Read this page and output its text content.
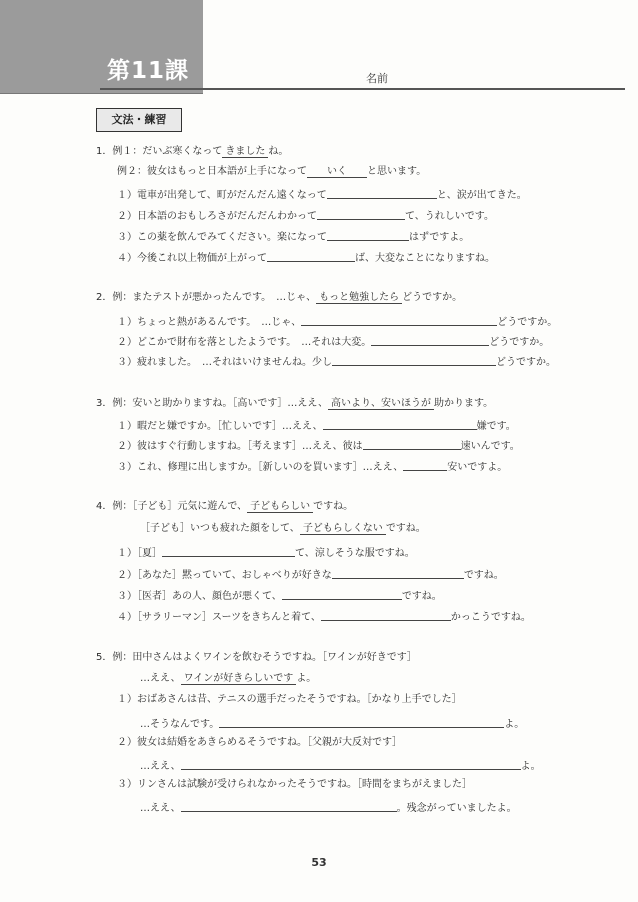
第11課	名前
文法・練習
1．例１：だいぶ寒くなって きました ね。
例２：彼女はもっと日本語が上手になって いく と思います。
１）電車が出発して、町がだんだん遠くなって	と、涙が出てきた。
２）日本語のおもしろさがだんだんわかって	て、うれしいです。
３）この薬を飲んでみてください。楽になって	はずですよ。
４）今後これ以上物価が上がって	ば、大変なことになりますね。
2．例：またテストが悪かったんです。　…じゃ、 もっと勉強したら どうですか。
１）ちょっと熱があるんです。　…じゃ、	どうですか。
２）どこかで財布を落としたようです。　…それは大変。	どうですか。
３）疲れました。　…それはいけませんね。少し	どうですか。
3．例：安いと助かりますね。［高いです］…ええ、 高いより、安いほうが 助かります。
１）暇だと嫌ですか。［忙しいです］…ええ、	嫌です。
２）彼はすぐ行動しますね。［考えます］…ええ、彼は	速いんです。
３）これ、修理に出しますか。［新しいのを買います］…ええ、	安いですよ。
4．例：［子ども］元気に遊んで、 子どもらしい ですね。
［子ども］いつも疲れた顔をして、 子どもらしくない ですね。
１）［夏］	て、涼しそうな服ですね。
２）［あなた］黙っていて、おしゃべりが好きな	ですね。
３）［医者］あの人、顔色が悪くて、	ですね。
４）［サラリーマン］スーツをきちんと着て、	かっこうですね。
5．例：田中さんはよくワインを飲むそうですね。［ワインが好きです］
…ええ、 ワインが好きらしいです よ。
１）おばあさんは昔、テニスの選手だったそうですね。［かなり上手でした］
…そうなんです。	よ。
２）彼女は結婚をあきらめるそうですね。［父親が大反対です］
…ええ、	よ。
３）リンさんは試験が受けられなかったそうですね。［時間をまちがえました］
…ええ、	。残念がっていましたよ。
53
